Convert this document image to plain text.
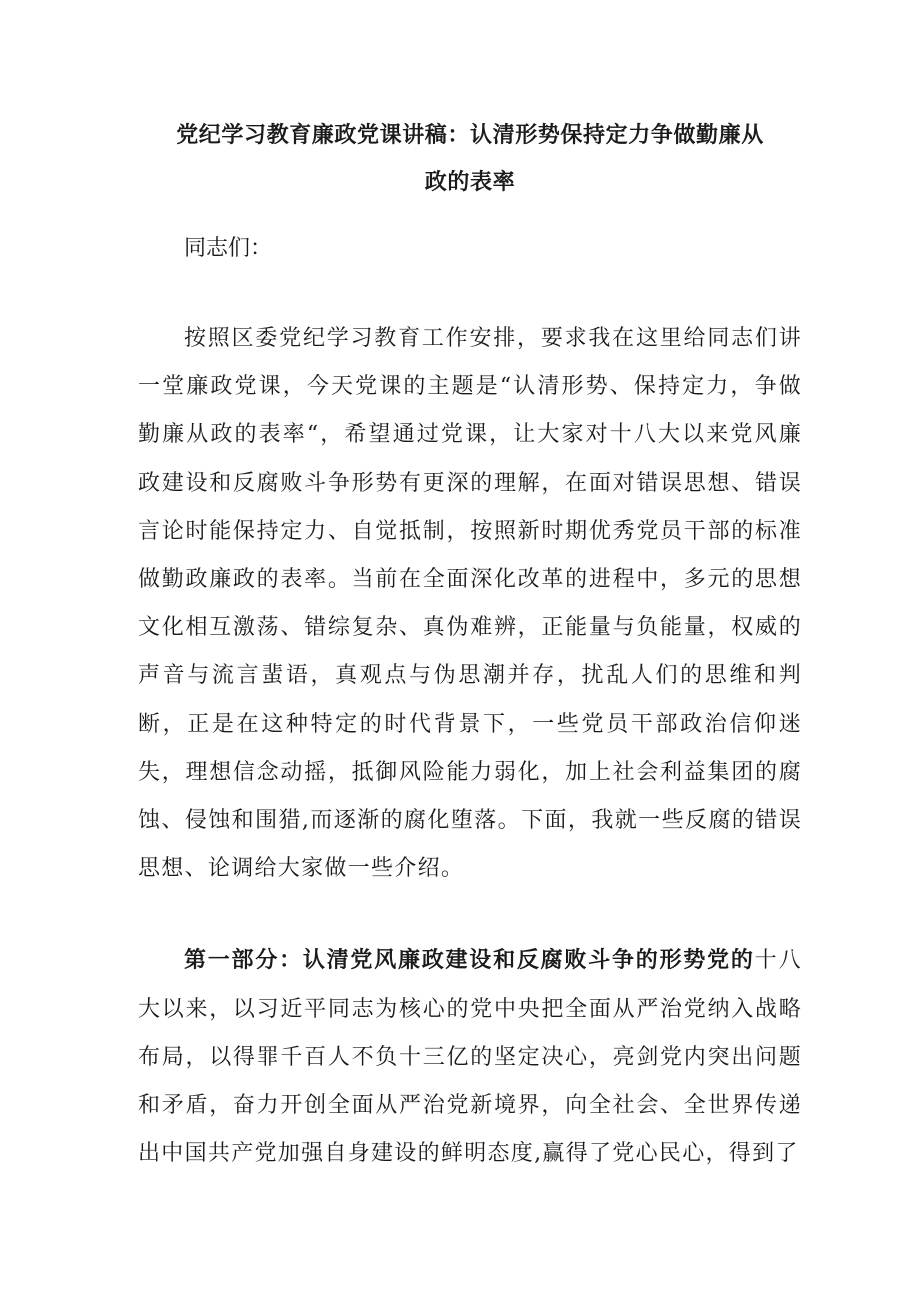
党纪学习教育廉政党课讲稿：认清形势保持定力争做勤廉从
政的表率

同志们：

按照区委党纪学习教育工作安排，要求我在这里给同志们讲一堂廉政党课，今天党课的主题是“认清形势、保持定力，争做勤廉从政的表率“，希望通过党课，让大家对十八大以来党风廉政建设和反腐败斗争形势有更深的理解，在面对错误思想、错误言论时能保持定力、自觉抵制，按照新时期优秀党员干部的标准做勤政廉政的表率。当前在全面深化改革的进程中，多元的思想文化相互激荡、错综复杂、真伪难辨，正能量与负能量，权威的声音与流言蜚语，真观点与伪思潮并存，扰乱人们的思维和判断，正是在这种特定的时代背景下，一些党员干部政治信仰迷失，理想信念动摇，抵御风险能力弱化，加上社会利益集团的腐蚀、侵蚀和围猎,而逐渐的腐化堕落。下面，我就一些反腐的错误思想、论调给大家做一些介绍。

第一部分：认清党风廉政建设和反腐败斗争的形势党的十八大以来，以习近平同志为核心的党中央把全面从严治党纳入战略布局，以得罪千百人不负十三亿的坚定决心，亮剑党内突出问题和矛盾，奋力开创全面从严治党新境界，向全社会、全世界传递出中国共产党加强自身建设的鲜明态度,赢得了党心民心，得到了
